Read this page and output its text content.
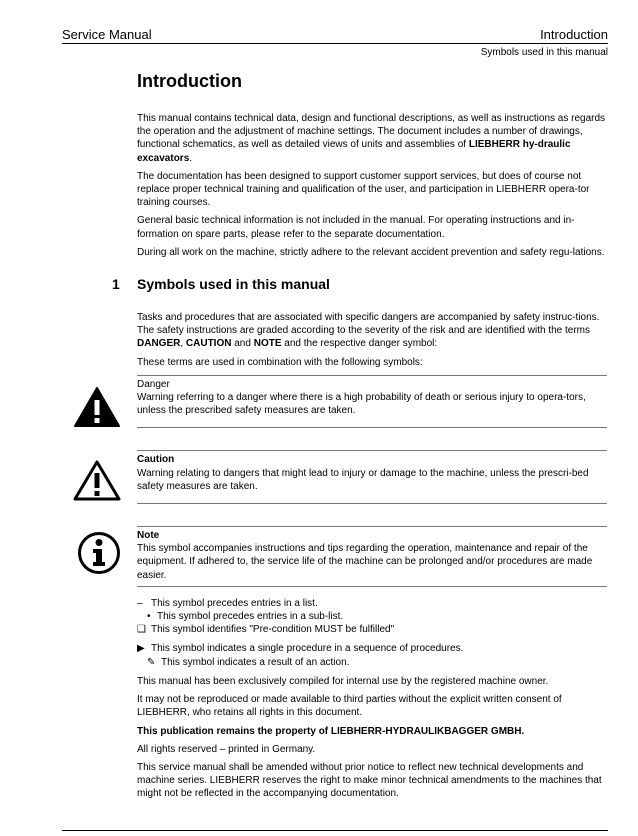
Service Manual	Introduction
Symbols used in this manual
Introduction

This manual contains technical data, design and functional descriptions, as well as instructions as regards the operation and the adjustment of machine settings. The document includes a number of drawings, functional schematics, as well as detailed views of units and assemblies of LIEBHERR hy-draulic excavators.

The documentation has been designed to support customer support services, but does of course not replace proper technical training and qualification of the user, and participation in LIEBHERR opera-tor training courses.

General basic technical information is not included in the manual. For operating instructions and in-formation on spare parts, please refer to the separate documentation.

During all work on the machine, strictly adhere to the relevant accident prevention and safety regu-lations.

1 Symbols used in this manual

Tasks and procedures that are associated with specific dangers are accompanied by safety instruc-tions. The safety instructions are graded according to the severity of the risk and are identified with the terms DANGER, CAUTION and NOTE and the respective danger symbol:

These terms are used in combination with the following symbols:

Danger
Warning referring to a danger where there is a high probability of death or serious injury to opera-tors, unless the prescribed safety measures are taken.
Caution
Warning relating to dangers that might lead to injury or damage to the machine, unless the prescri-bed safety measures are taken.
Note
This symbol accompanies instructions and tips regarding the operation, maintenance and repair of the equipment. If adhered to, the service life of the machine can be prolonged and/or procedures are made easier.
– This symbol precedes entries in a list.
• This symbol precedes entries in a sub-list.
❑ This symbol identifies "Pre-condition MUST be fulfilled"
▶ This symbol indicates a single procedure in a sequence of procedures.
✎ This symbol indicates a result of an action.

This manual has been exclusively compiled for internal use by the registered machine owner.

It may not be reproduced or made available to third parties without the explicit written consent of LIEBHERR, who retains all rights in this document.

This publication remains the property of LIEBHERR-HYDRAULIKBAGGER GMBH.

All rights reserved – printed in Germany.

This service manual shall be amended without prior notice to reflect new technical developments and machine series. LIEBHERR reserves the right to make minor technical amendments to the machines that might not be reflected in the accompanying documentation.
